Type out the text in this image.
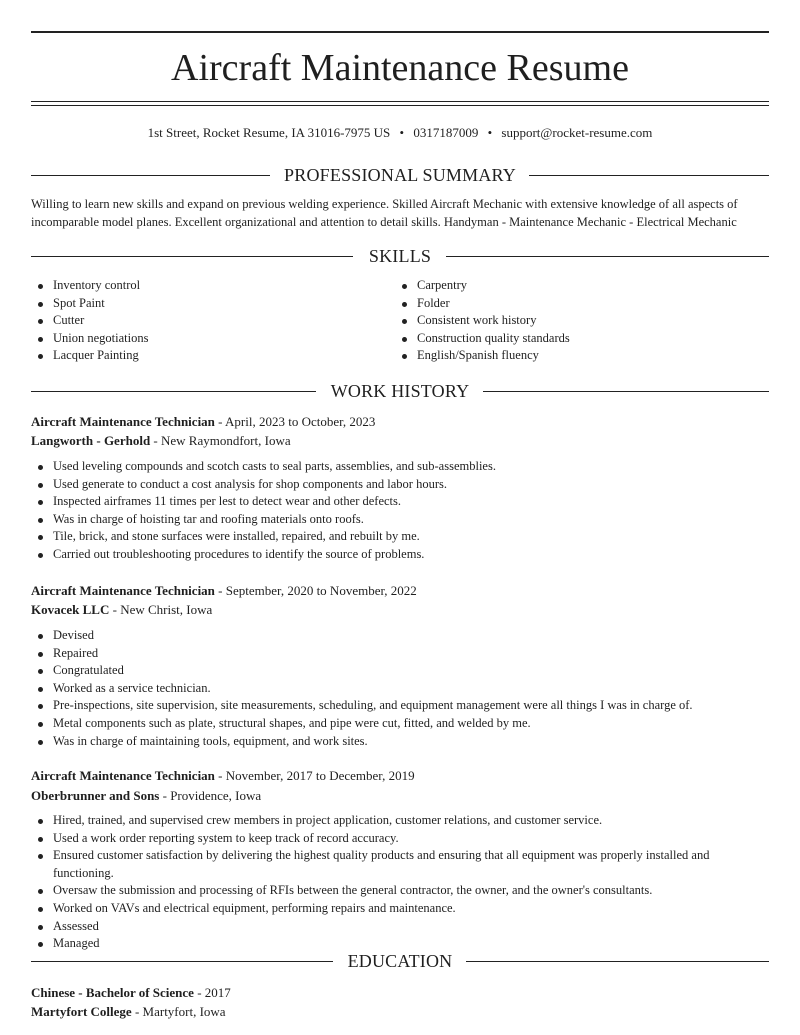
Aircraft Maintenance Resume
1st Street, Rocket Resume, IA 31016-7975 US • 0317187009 • support@rocket-resume.com
PROFESSIONAL SUMMARY

Willing to learn new skills and expand on previous welding experience. Skilled Aircraft Mechanic with extensive knowledge of all aspects of incomparable model planes. Excellent organizational and attention to detail skills. Handyman - Maintenance Mechanic - Electrical Mechanic

SKILLS
Inventory control
Spot Paint
Cutter
Union negotiations
Lacquer Painting
Carpentry
Folder
Consistent work history
Construction quality standards
English/Spanish fluency
WORK HISTORY
Aircraft Maintenance Technician - April, 2023 to October, 2023
Langworth - Gerhold - New Raymondfort, Iowa
Used leveling compounds and scotch casts to seal parts, assemblies, and sub-assemblies.
Used generate to conduct a cost analysis for shop components and labor hours.
Inspected airframes 11 times per lest to detect wear and other defects.
Was in charge of hoisting tar and roofing materials onto roofs.
Tile, brick, and stone surfaces were installed, repaired, and rebuilt by me.
Carried out troubleshooting procedures to identify the source of problems.
Aircraft Maintenance Technician - September, 2020 to November, 2022
Kovacek LLC - New Christ, Iowa
Devised
Repaired
Congratulated
Worked as a service technician.
Pre-inspections, site supervision, site measurements, scheduling, and equipment management were all things I was in charge of.
Metal components such as plate, structural shapes, and pipe were cut, fitted, and welded by me.
Was in charge of maintaining tools, equipment, and work sites.
Aircraft Maintenance Technician - November, 2017 to December, 2019
Oberbrunner and Sons - Providence, Iowa
Hired, trained, and supervised crew members in project application, customer relations, and customer service.
Used a work order reporting system to keep track of record accuracy.
Ensured customer satisfaction by delivering the highest quality products and ensuring that all equipment was properly installed and functioning.
Oversaw the submission and processing of RFIs between the general contractor, the owner, and the owner's consultants.
Worked on VAVs and electrical equipment, performing repairs and maintenance.
Assessed
Managed
EDUCATION
Chinese - Bachelor of Science - 2017
Martyfort College - Martyfort, Iowa
